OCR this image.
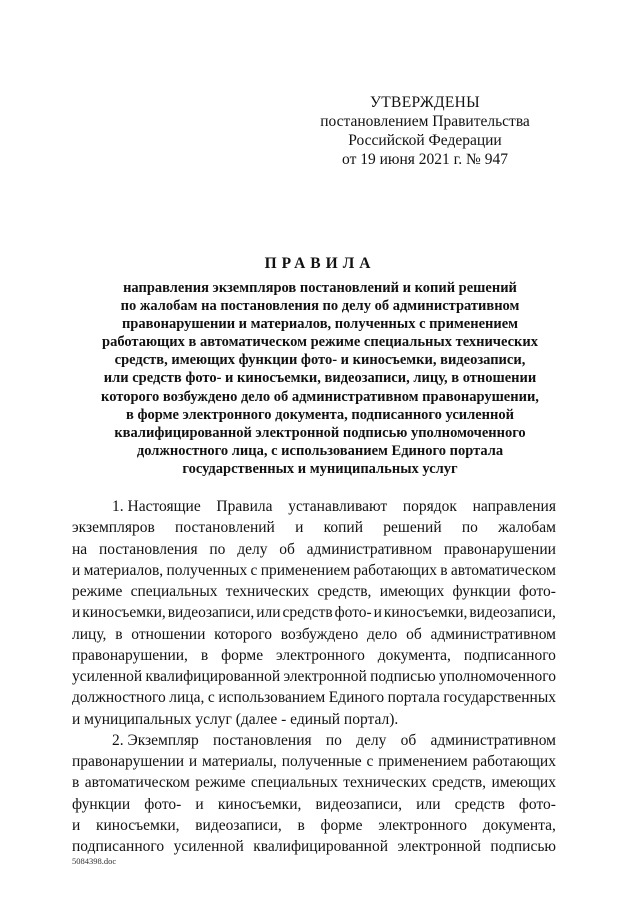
УТВЕРЖДЕНЫ
постановлением Правительства
Российской Федерации
от 19 июня 2021 г. № 947
ПРАВИЛА
направления экземпляров постановлений и копий решений
по жалобам на постановления по делу об административном
правонарушении и материалов, полученных с применением
работающих в автоматическом режиме специальных технических
средств, имеющих функции фото- и киносъемки, видеозаписи,
или средств фото- и киносъемки, видеозаписи, лицу, в отношении
которого возбуждено дело об административном правонарушении,
в форме электронного документа, подписанного усиленной
квалифицированной электронной подписью уполномоченного
должностного лица, с использованием Единого портала
государственных и муниципальных услуг
1. Настоящие Правила устанавливают порядок направления
экземпляров постановлений и копий решений по жалобам
на постановления по делу об административном правонарушении
и материалов, полученных с применением работающих в автоматическом
режиме специальных технических средств, имеющих функции фото-
и киносъемки, видеозаписи, или средств фото- и киносъемки, видеозаписи,
лицу, в отношении которого возбуждено дело об административном
правонарушении, в форме электронного документа, подписанного
усиленной квалифицированной электронной подписью уполномоченного
должностного лица, с использованием Единого портала государственных
и муниципальных услуг (далее - единый портал).
2. Экземпляр постановления по делу об административном
правонарушении и материалы, полученные с применением работающих
в автоматическом режиме специальных технических средств, имеющих
функции фото- и киносъемки, видеозаписи, или средств фото-
и киносъемки, видеозаписи, в форме электронного документа,
подписанного усиленной квалифицированной электронной подписью
5084398.doc
